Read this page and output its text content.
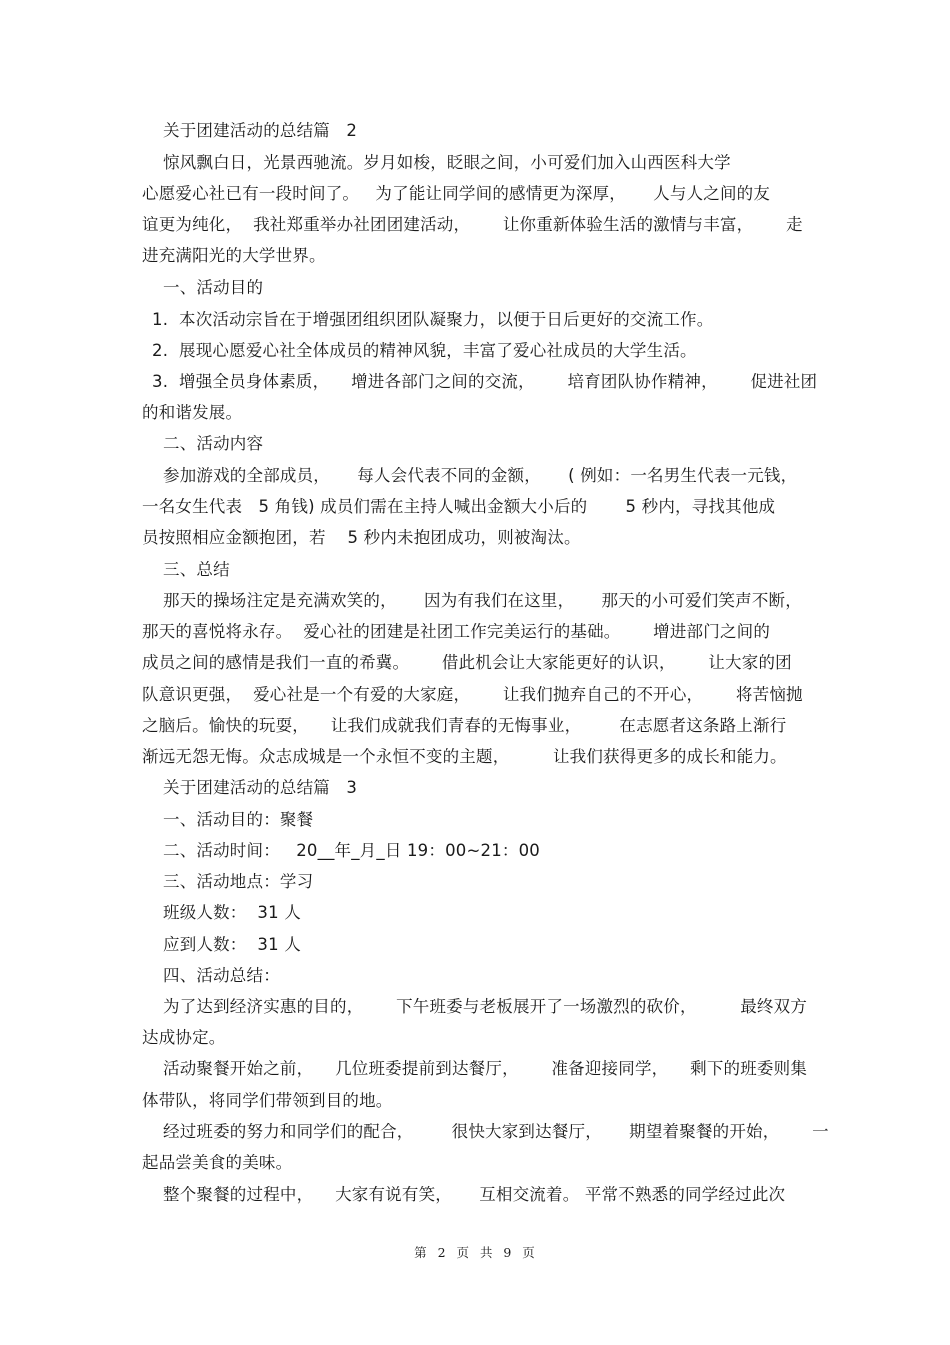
关于团建活动的总结篇   2
惊风飘白日，光景西驰流。岁月如梭，眨眼之间，小可爱们加入山西医科大学
心愿爱心社已有一段时间了。   为了能让同学间的感情更为深厚，     人与人之间的友
谊更为纯化，  我社郑重举办社团团建活动，      让你重新体验生活的激情与丰富，      走
进充满阳光的大学世界。
一、活动目的
1.  本次活动宗旨在于增强团组织团队凝聚力，以便于日后更好的交流工作。
2.  展现心愿爱心社全体成员的精神风貌，丰富了爱心社成员的大学生活。
3.  增强全员身体素质，    增进各部门之间的交流，      培育团队协作精神，      促进社团
的和谐发展。
二、活动内容
参加游戏的全部成员，     每人会代表不同的金额，     ( 例如：一名男生代表一元钱，
一名女生代表   5 角钱) 成员们需在主持人喊出金额大小后的       5 秒内，寻找其他成
员按照相应金额抱团，若    5 秒内未抱团成功，则被淘汰。
三、总结
那天的操场注定是充满欢笑的，     因为有我们在这里，     那天的小可爱们笑声不断，
那天的喜悦将永存。  爱心社的团建是社团工作完美运行的基础。      增进部门之间的
成员之间的感情是我们一直的希冀。      借此机会让大家能更好的认识，      让大家的团
队意识更强，  爱心社是一个有爱的大家庭，      让我们抛弃自己的不开心，      将苦恼抛
之脑后。愉快的玩耍，    让我们成就我们青春的无悔事业，       在志愿者这条路上渐行
渐远无怨无悔。众志成城是一个永恒不变的主题，        让我们获得更多的成长和能力。
关于团建活动的总结篇   3
一、活动目的：聚餐
二、活动时间：   20__年_月_日 19：00~21：00
三、活动地点：学习
班级人数：  31 人
应到人数：  31 人
四、活动总结：
为了达到经济实惠的目的，      下午班委与老板展开了一场激烈的砍价，        最终双方
达成协定。
活动聚餐开始之前，    几位班委提前到达餐厅，      准备迎接同学，    剩下的班委则集
体带队，将同学们带领到目的地。
经过班委的努力和同学们的配合，       很快大家到达餐厅，     期望着聚餐的开始，      一
起品尝美食的美味。
整个聚餐的过程中，    大家有说有笑，     互相交流着。 平常不熟悉的同学经过此次
第  2  页  共  9  页
